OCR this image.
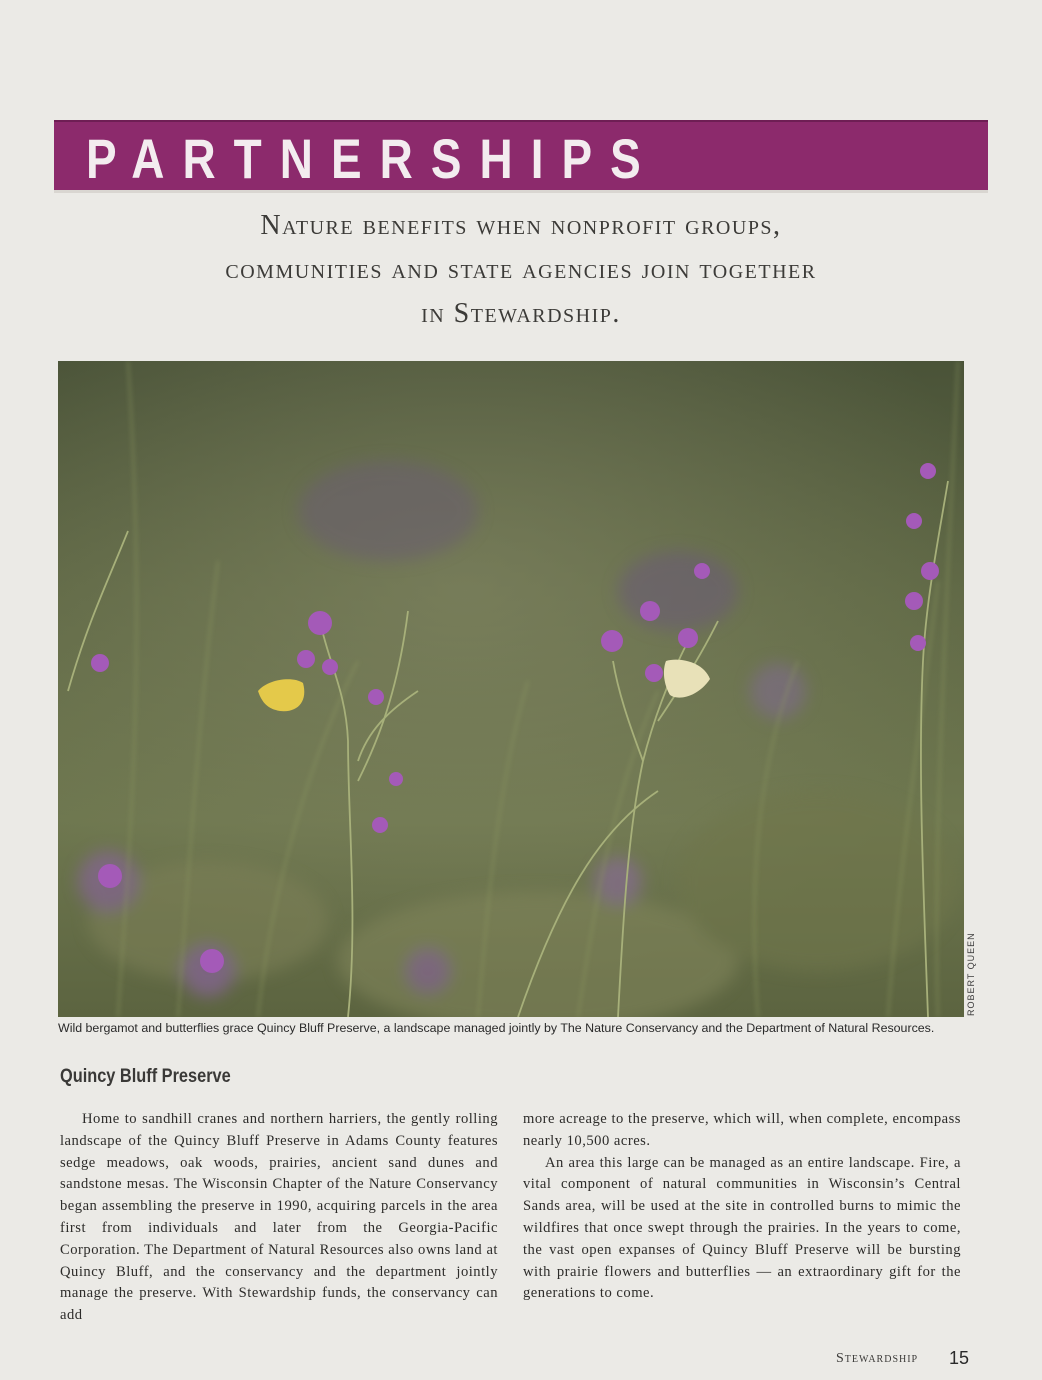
PARTNERSHIPS

Nature benefits when nonprofit groups,

communities and state agencies join together

in Stewardship.

ROBERT QUEEN
Wild bergamot and butterflies grace Quincy Bluff Preserve, a landscape managed jointly by The Nature Conservancy and the Department of Natural Resources.
Quincy Bluff Preserve

Home to sandhill cranes and northern harriers, the gently rolling landscape of the Quincy Bluff Preserve in Adams County features sedge meadows, oak woods, prairies, ancient sand dunes and sandstone mesas. The Wisconsin Chapter of the Nature Conservancy began assembling the preserve in 1990, acquiring parcels in the area first from individuals and later from the Georgia-Pacific Corporation. The Department of Natural Resources also owns land at Quincy Bluff, and the conservancy and the department jointly manage the preserve. With Stewardship funds, the conservancy can add

more acreage to the preserve, which will, when complete, encompass nearly 10,500 acres.

An area this large can be managed as an entire landscape. Fire, a vital component of natural communities in Wisconsin’s Central Sands area, will be used at the site in controlled burns to mimic the wildfires that once swept through the prairies. In the years to come, the vast open expanses of Quincy Bluff Preserve will be bursting with prairie flowers and butterflies — an extraordinary gift for the generations to come.

Stewardship 15
